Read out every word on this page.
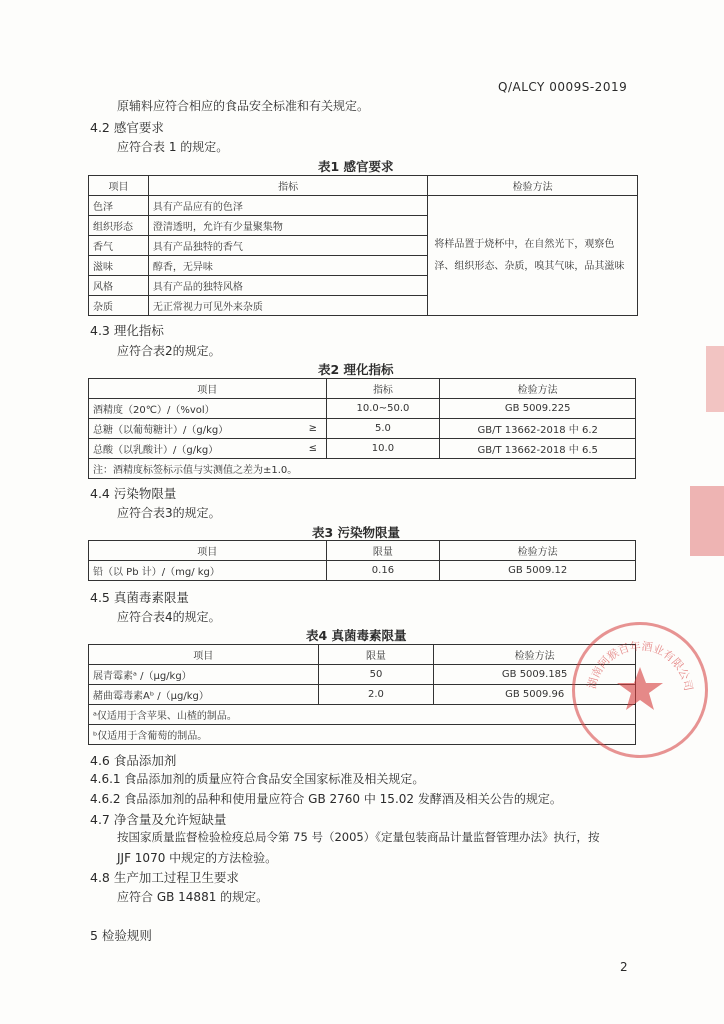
Q/ALCY 0009S-2019
原辅料应符合相应的食品安全标准和有关规定。
4.2 感官要求
应符合表 1 的规定。
表1 感官要求
项目	指标	检验方法
色泽	具有产品应有的色泽	将样品置于烧杯中，在自然光下，观察色泽、组织形态、杂质，嗅其气味，品其滋味
组织形态	澄清透明，允许有少量聚集物	
香气	具有产品独特的香气	
滋味	醇香，无异味	
风格	具有产品的独特风格	
杂质	无正常视力可见外来杂质	
4.3 理化指标
应符合表2的规定。
表2 理化指标
项目		指标	检验方法
酒精度（20℃）/（%vol）		10.0~50.0	GB 5009.225
总糖（以葡萄糖计）/（g/kg）	≥	5.0	GB/T 13662-2018 中 6.2
总酸（以乳酸计）/（g/kg）	≤	10.0	GB/T 13662-2018 中 6.5
注：酒精度标签标示值与实测值之差为±1.0。			
4.4 污染物限量
应符合表3的规定。
表3 污染物限量
项目	限量	检验方法
铅（以 Pb 计）/（mg/ kg）	0.16	GB 5009.12
4.5 真菌毒素限量
应符合表4的规定。
表4 真菌毒素限量
项目	限量	检验方法
展青霉素ᵃ /（μg/kg）	50	GB 5009.185
赭曲霉毒素Aᵇ /（μg/kg）	2.0	GB 5009.96
ᵃ仅适用于含苹果、山楂的制品。		
ᵇ仅适用于含葡萄的制品。		
4.6 食品添加剂
4.6.1 食品添加剂的质量应符合食品安全国家标准及相关规定。
4.6.2 食品添加剂的品种和使用量应符合 GB 2760 中 15.02 发酵酒及相关公告的规定。
4.7 净含量及允许短缺量
按国家质量监督检验检疫总局令第 75 号（2005）《定量包装商品计量监督管理办法》执行，按
JJF 1070 中规定的方法检验。
4.8 生产加工过程卫生要求
应符合 GB 14881 的规定。
5 检验规则
2
湖南阿猴百年酒业有限公司
